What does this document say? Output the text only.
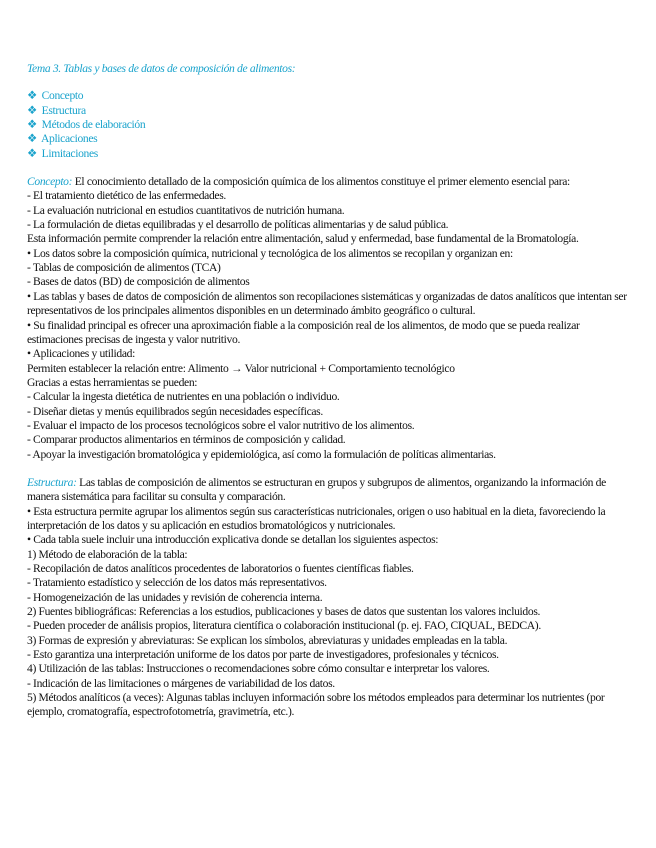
Tema 3. Tablas y bases de datos de composición de alimentos:
❖ Concepto
❖ Estructura
❖ Métodos de elaboración
❖ Aplicaciones
❖ Limitaciones

Concepto: El conocimiento detallado de la composición química de los alimentos constituye el primer elemento esencial para:

- El tratamiento dietético de las enfermedades.

- La evaluación nutricional en estudios cuantitativos de nutrición humana.

- La formulación de dietas equilibradas y el desarrollo de políticas alimentarias y de salud pública.

Esta información permite comprender la relación entre alimentación, salud y enfermedad, base fundamental de la Bromatología.

• Los datos sobre la composición química, nutricional y tecnológica de los alimentos se recopilan y organizan en:

- Tablas de composición de alimentos (TCA)

- Bases de datos (BD) de composición de alimentos

• Las tablas y bases de datos de composición de alimentos son recopilaciones sistemáticas y organizadas de datos analíticos que intentan ser representativos de los principales alimentos disponibles en un determinado ámbito geográfico o cultural.

• Su finalidad principal es ofrecer una aproximación fiable a la composición real de los alimentos, de modo que se pueda realizar estimaciones precisas de ingesta y valor nutritivo.

• Aplicaciones y utilidad:

Permiten establecer la relación entre: Alimento → Valor nutricional + Comportamiento tecnológico

Gracias a estas herramientas se pueden:

- Calcular la ingesta dietética de nutrientes en una población o individuo.

- Diseñar dietas y menús equilibrados según necesidades específicas.

- Evaluar el impacto de los procesos tecnológicos sobre el valor nutritivo de los alimentos.

- Comparar productos alimentarios en términos de composición y calidad.

- Apoyar la investigación bromatológica y epidemiológica, así como la formulación de políticas alimentarias.

Estructura: Las tablas de composición de alimentos se estructuran en grupos y subgrupos de alimentos, organizando la información de manera sistemática para facilitar su consulta y comparación.

• Esta estructura permite agrupar los alimentos según sus características nutricionales, origen o uso habitual en la dieta, favoreciendo la interpretación de los datos y su aplicación en estudios bromatológicos y nutricionales.

• Cada tabla suele incluir una introducción explicativa donde se detallan los siguientes aspectos:

1) Método de elaboración de la tabla:

- Recopilación de datos analíticos procedentes de laboratorios o fuentes científicas fiables.

- Tratamiento estadístico y selección de los datos más representativos.

- Homogeneización de las unidades y revisión de coherencia interna.

2) Fuentes bibliográficas: Referencias a los estudios, publicaciones y bases de datos que sustentan los valores incluidos.

- Pueden proceder de análisis propios, literatura científica o colaboración institucional (p. ej. FAO, CIQUAL, BEDCA).

3) Formas de expresión y abreviaturas: Se explican los símbolos, abreviaturas y unidades empleadas en la tabla.

- Esto garantiza una interpretación uniforme de los datos por parte de investigadores, profesionales y técnicos.

4) Utilización de las tablas: Instrucciones o recomendaciones sobre cómo consultar e interpretar los valores.

- Indicación de las limitaciones o márgenes de variabilidad de los datos.

5) Métodos analíticos (a veces): Algunas tablas incluyen información sobre los métodos empleados para determinar los nutrientes (por ejemplo, cromatografía, espectrofotometría, gravimetría, etc.).
